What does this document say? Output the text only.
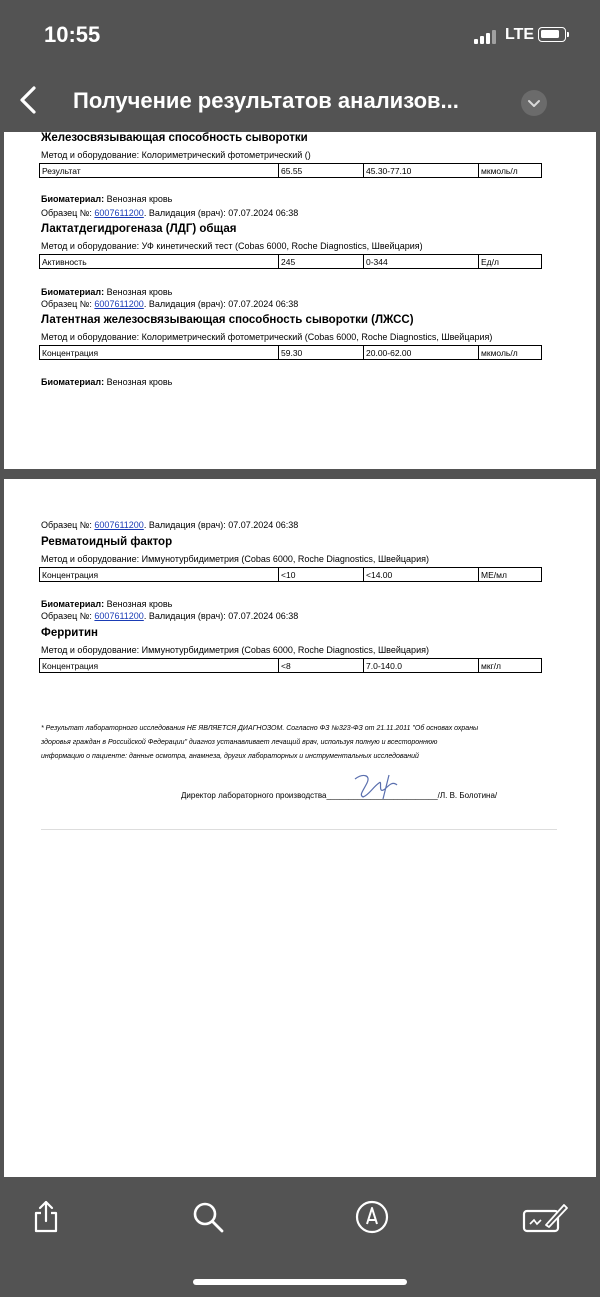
10:55	LTE
Получение результатов анализов...
Железосвязывающая способность сыворотки
Метод и оборудование: Колориметрический фотометрический ()
Результат	65.55	45.30-77.10	мкмоль/л
Биоматериал: Венозная кровь
Образец №: 6007611200. Валидация (врач): 07.07.2024 06:38
Лактатдегидрогеназа (ЛДГ) общая
Метод и оборудование: УФ кинетический тест (Cobas 6000, Roche Diagnostics, Швейцария)
Активность	245	0-344	Ед/л
Биоматериал: Венозная кровь
Образец №: 6007611200. Валидация (врач): 07.07.2024 06:38
Латентная железосвязывающая способность сыворотки (ЛЖСС)
Метод и оборудование: Колориметрический фотометрический (Cobas 6000, Roche Diagnostics, Швейцария)
Концентрация	59.30	20.00-62.00	мкмоль/л
Биоматериал: Венозная кровь
Образец №: 6007611200. Валидация (врач): 07.07.2024 06:38
Ревматоидный фактор
Метод и оборудование: Иммунотурбидиметрия (Cobas 6000, Roche Diagnostics, Швейцария)
Концентрация	<10	<14.00	МЕ/мл
Биоматериал: Венозная кровь
Образец №: 6007611200. Валидация (врач): 07.07.2024 06:38
Ферритин
Метод и оборудование: Иммунотурбидиметрия (Cobas 6000, Roche Diagnostics, Швейцария)
Концентрация	<8	7.0-140.0	мкг/л
* Результат лабораторного исследования НЕ ЯВЛЯЕТСЯ ДИАГНОЗОМ. Согласно ФЗ №323-ФЗ от 21.11.2011 "Об основах охраны
здоровья граждан в Российской Федерации" диагноз устанавливает лечащий врач, используя полную и всестороннюю
информацию о пациенте: данные осмотра, анамнеза, других лабораторных и инструментальных исследований
Директор лабораторного производства_________________________/Л. В. Болотина/
